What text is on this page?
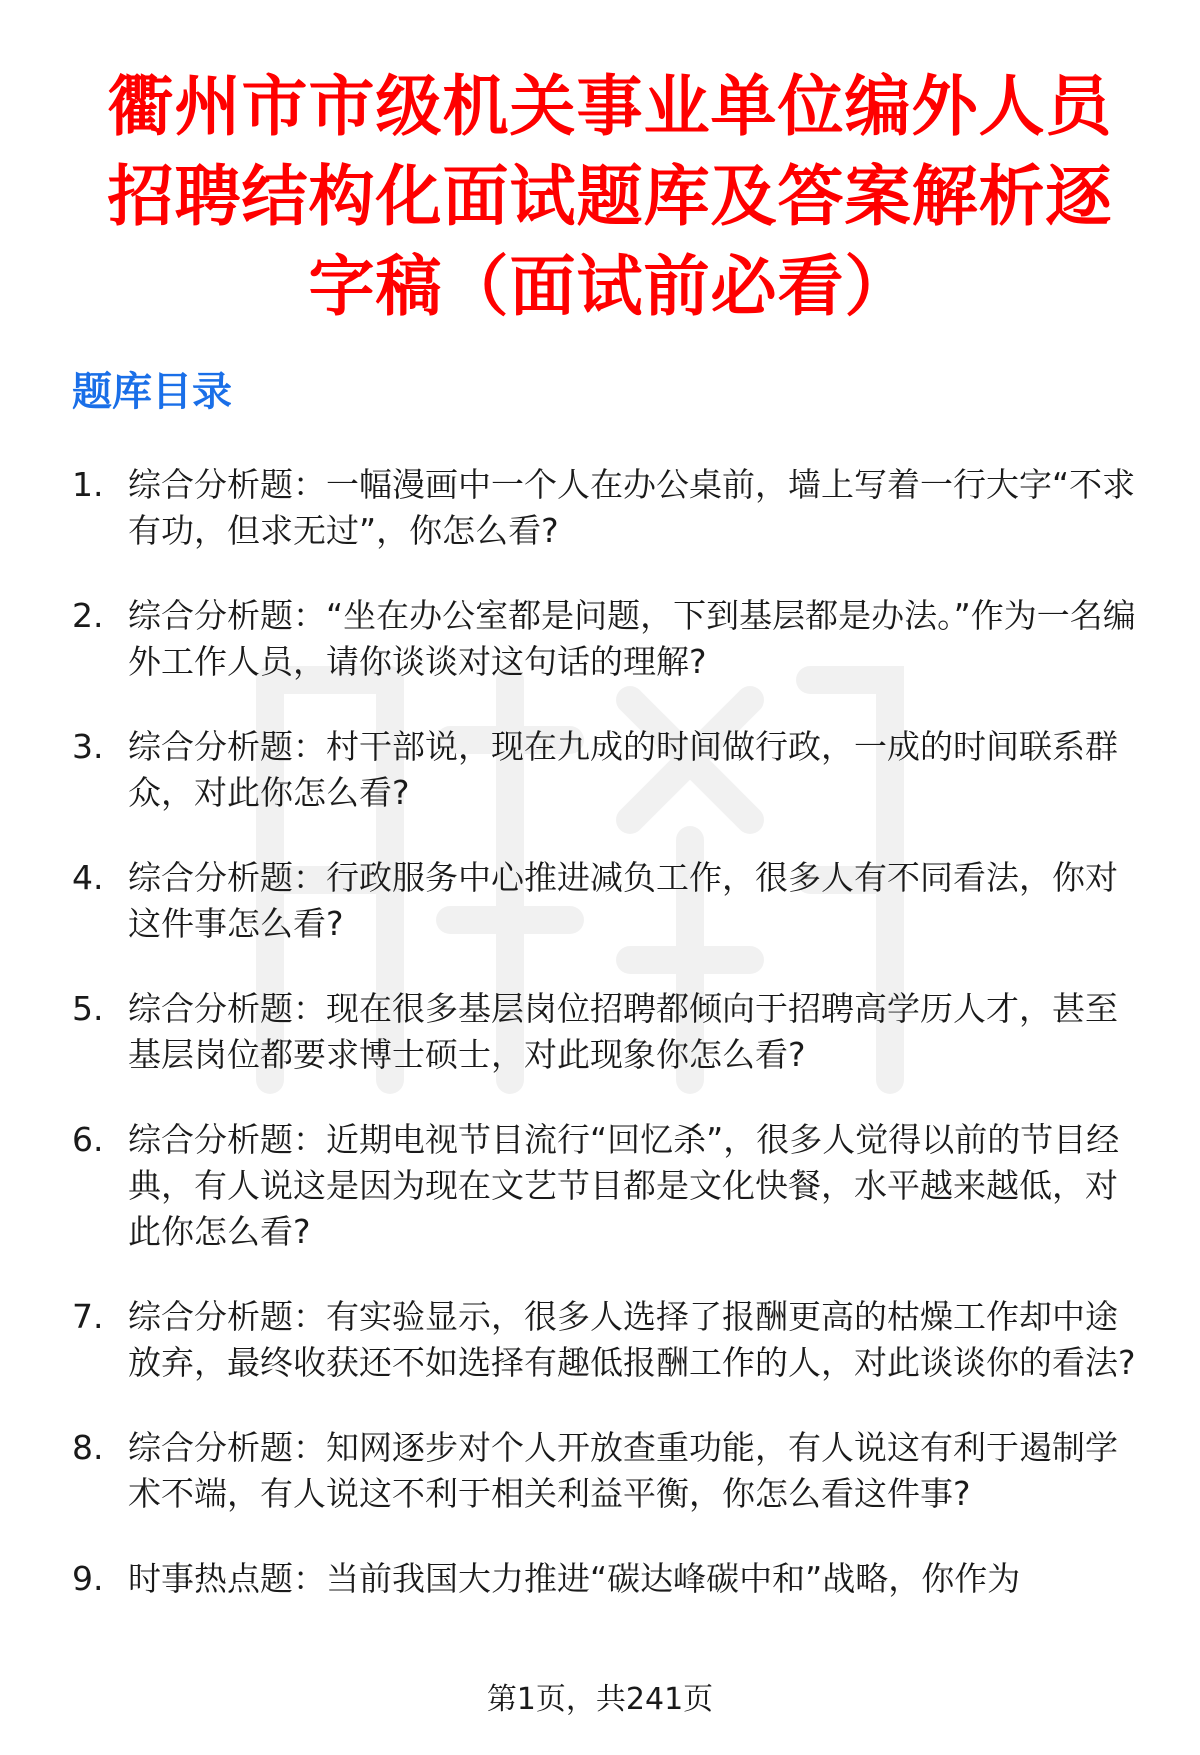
衢州市市级机关事业单位编外人员招聘结构化面试题库及答案解析逐字稿（面试前必看）
题库目录
1. 综合分析题：一幅漫画中一个人在办公桌前，墙上写着一行大字“不求有功，但求无过”，你怎么看?
2. 综合分析题：“坐在办公室都是问题，下到基层都是办法。”作为一名编外工作人员，请你谈谈对这句话的理解?
3. 综合分析题：村干部说，现在九成的时间做行政，一成的时间联系群众，对此你怎么看?
4. 综合分析题：行政服务中心推进减负工作，很多人有不同看法，你对这件事怎么看?
5. 综合分析题：现在很多基层岗位招聘都倾向于招聘高学历人才，甚至基层岗位都要求博士硕士，对此现象你怎么看?
6. 综合分析题：近期电视节目流行“回忆杀”，很多人觉得以前的节目经典，有人说这是因为现在文艺节目都是文化快餐，水平越来越低，对此你怎么看?
7. 综合分析题：有实验显示，很多人选择了报酬更高的枯燥工作却中途放弃，最终收获还不如选择有趣低报酬工作的人，对此谈谈你的看法?
8. 综合分析题：知网逐步对个人开放查重功能，有人说这有利于遏制学术不端，有人说这不利于相关利益平衡，你怎么看这件事?
9. 时事热点题：当前我国大力推进“碳达峰碳中和”战略，你作为
第1页，共241页
